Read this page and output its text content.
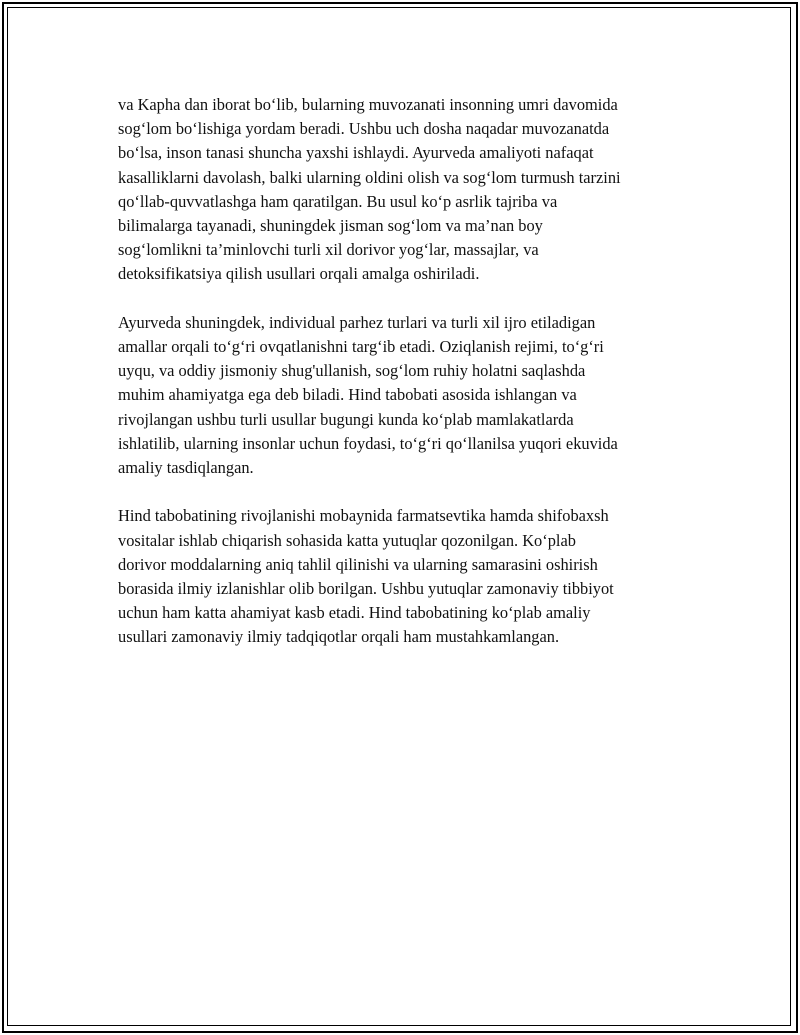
va Kapha dan iborat bo‘lib, bularning muvozanati insonning umri davomida
sog‘lom bo‘lishiga yordam beradi. Ushbu uch dosha naqadar muvozanatda
bo‘lsa, inson tanasi shuncha yaxshi ishlaydi. Ayurveda amaliyoti nafaqat
kasalliklarni davolash, balki ularning oldini olish va sog‘lom turmush tarzini
qo‘llab-quvvatlashga ham qaratilgan. Bu usul ko‘p asrlik tajriba va
bilimalarga tayanadi, shuningdek jisman sog‘lom va ma’nan boy
sog‘lomlikni ta’minlovchi turli xil dorivor yog‘lar, massajlar, va
detoksifikatsiya qilish usullari orqali amalga oshiriladi.

Ayurveda shuningdek, individual parhez turlari va turli xil ijro etiladigan
amallar orqali to‘g‘ri ovqatlanishni targ‘ib etadi. Oziqlanish rejimi, to‘g‘ri
uyqu, va oddiy jismoniy shug'ullanish, sog‘lom ruhiy holatni saqlashda
muhim ahamiyatga ega deb biladi. Hind tabobati asosida ishlangan va
rivojlangan ushbu turli usullar bugungi kunda ko‘plab mamlakatlarda
ishlatilib, ularning insonlar uchun foydasi, to‘g‘ri qo‘llanilsa yuqori ekuvida
amaliy tasdiqlangan.

Hind tabobatining rivojlanishi mobaynida farmatsevtika hamda shifobaxsh
vositalar ishlab chiqarish sohasida katta yutuqlar qozonilgan. Ko‘plab
dorivor moddalarning aniq tahlil qilinishi va ularning samarasini oshirish
borasida ilmiy izlanishlar olib borilgan. Ushbu yutuqlar zamonaviy tibbiyot
uchun ham katta ahamiyat kasb etadi. Hind tabobatining ko‘plab amaliy
usullari zamonaviy ilmiy tadqiqotlar orqali ham mustahkamlangan.
